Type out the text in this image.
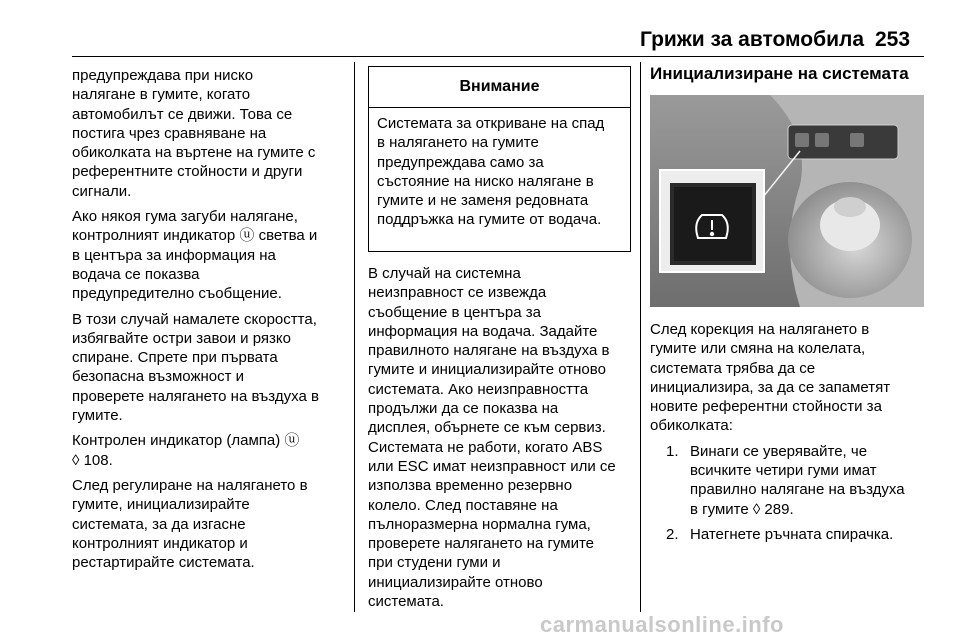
Грижи за автомобила 253

предупреждава при ниско
налягане в гумите, когато
автомобилът се движи. Това се
постига чрез сравняване на
обиколката на въртене на гумите с
референтните стойности и други
сигнали.

Ако някоя гума загуби налягане,
контролният индикатор ⓤ светва и
в центъра за информация на
водача се показва
предупредително съобщение.

В този случай намалете скоростта,
избягвайте остри завои и рязко
спиране. Спрете при първата
безопасна възможност и
проверете налягането на въздуха в
гумите.

Контролен индикатор (лампа) ⓤ
◊ 108.

След регулиране на налягането в
гумите, инициализирайте
системата, за да изгасне
контролният индикатор и
рестартирайте системата.

Внимание
Системата за откриване на спад
в налягането на гумите
предупреждава само за
състояние на ниско налягане в
гумите и не заменя редовната
поддръжка на гумите от водача.

В случай на системна
неизправност се извежда
съобщение в центъра за
информация на водача. Задайте
правилното налягане на въздуха в
гумите и инициализирайте отново
системата. Ако неизправността
продължи да се показва на
дисплея, обърнете се към сервиз.
Системата не работи, когато ABS
или ESC имат неизправност или се
използва временно резервно
колело. След поставяне на
пълноразмерна нормална гума,
проверете налягането на гумите
при студени гуми и
инициализирайте отново
системата.

Инициализиране на системата

След корекция на налягането в
гумите или смяна на колелата,
системата трябва да се
инициализира, за да се запаметят
новите референтни стойности за
обиколката:

1. Винаги се уверявайте, че
всичките четири гуми имат
правилно налягане на въздуха
в гумите ◊ 289.
2. Натегнете ръчната спирачка.
carmanualsonline.info
